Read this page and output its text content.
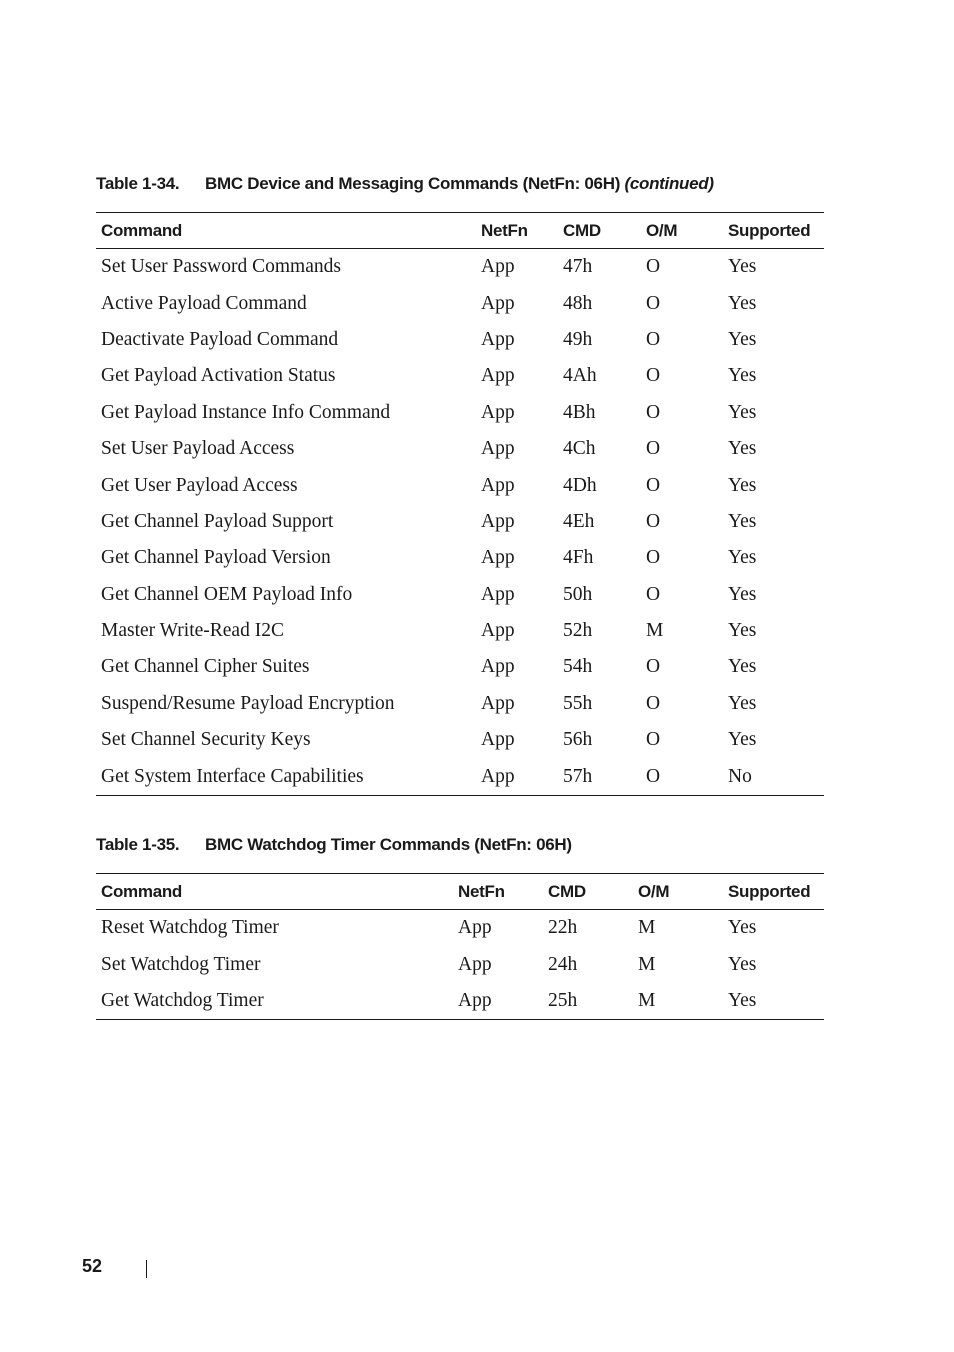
Table 1-34. BMC Device and Messaging Commands (NetFn: 06H) (continued)
Command	NetFn	CMD	O/M	Supported
Set User Password Commands	App	47h	O	Yes
Active Payload Command	App	48h	O	Yes
Deactivate Payload Command	App	49h	O	Yes
Get Payload Activation Status	App	4Ah	O	Yes
Get Payload Instance Info Command	App	4Bh	O	Yes
Set User Payload Access	App	4Ch	O	Yes
Get User Payload Access	App	4Dh	O	Yes
Get Channel Payload Support	App	4Eh	O	Yes
Get Channel Payload Version	App	4Fh	O	Yes
Get Channel OEM Payload Info	App	50h	O	Yes
Master Write-Read I2C	App	52h	M	Yes
Get Channel Cipher Suites	App	54h	O	Yes
Suspend/Resume Payload Encryption	App	55h	O	Yes
Set Channel Security Keys	App	56h	O	Yes
Get System Interface Capabilities	App	57h	O	No
Table 1-35. BMC Watchdog Timer Commands (NetFn: 06H)
Command	NetFn	CMD	O/M	Supported
Reset Watchdog Timer	App	22h	M	Yes
Set Watchdog Timer	App	24h	M	Yes
Get Watchdog Timer	App	25h	M	Yes
52
